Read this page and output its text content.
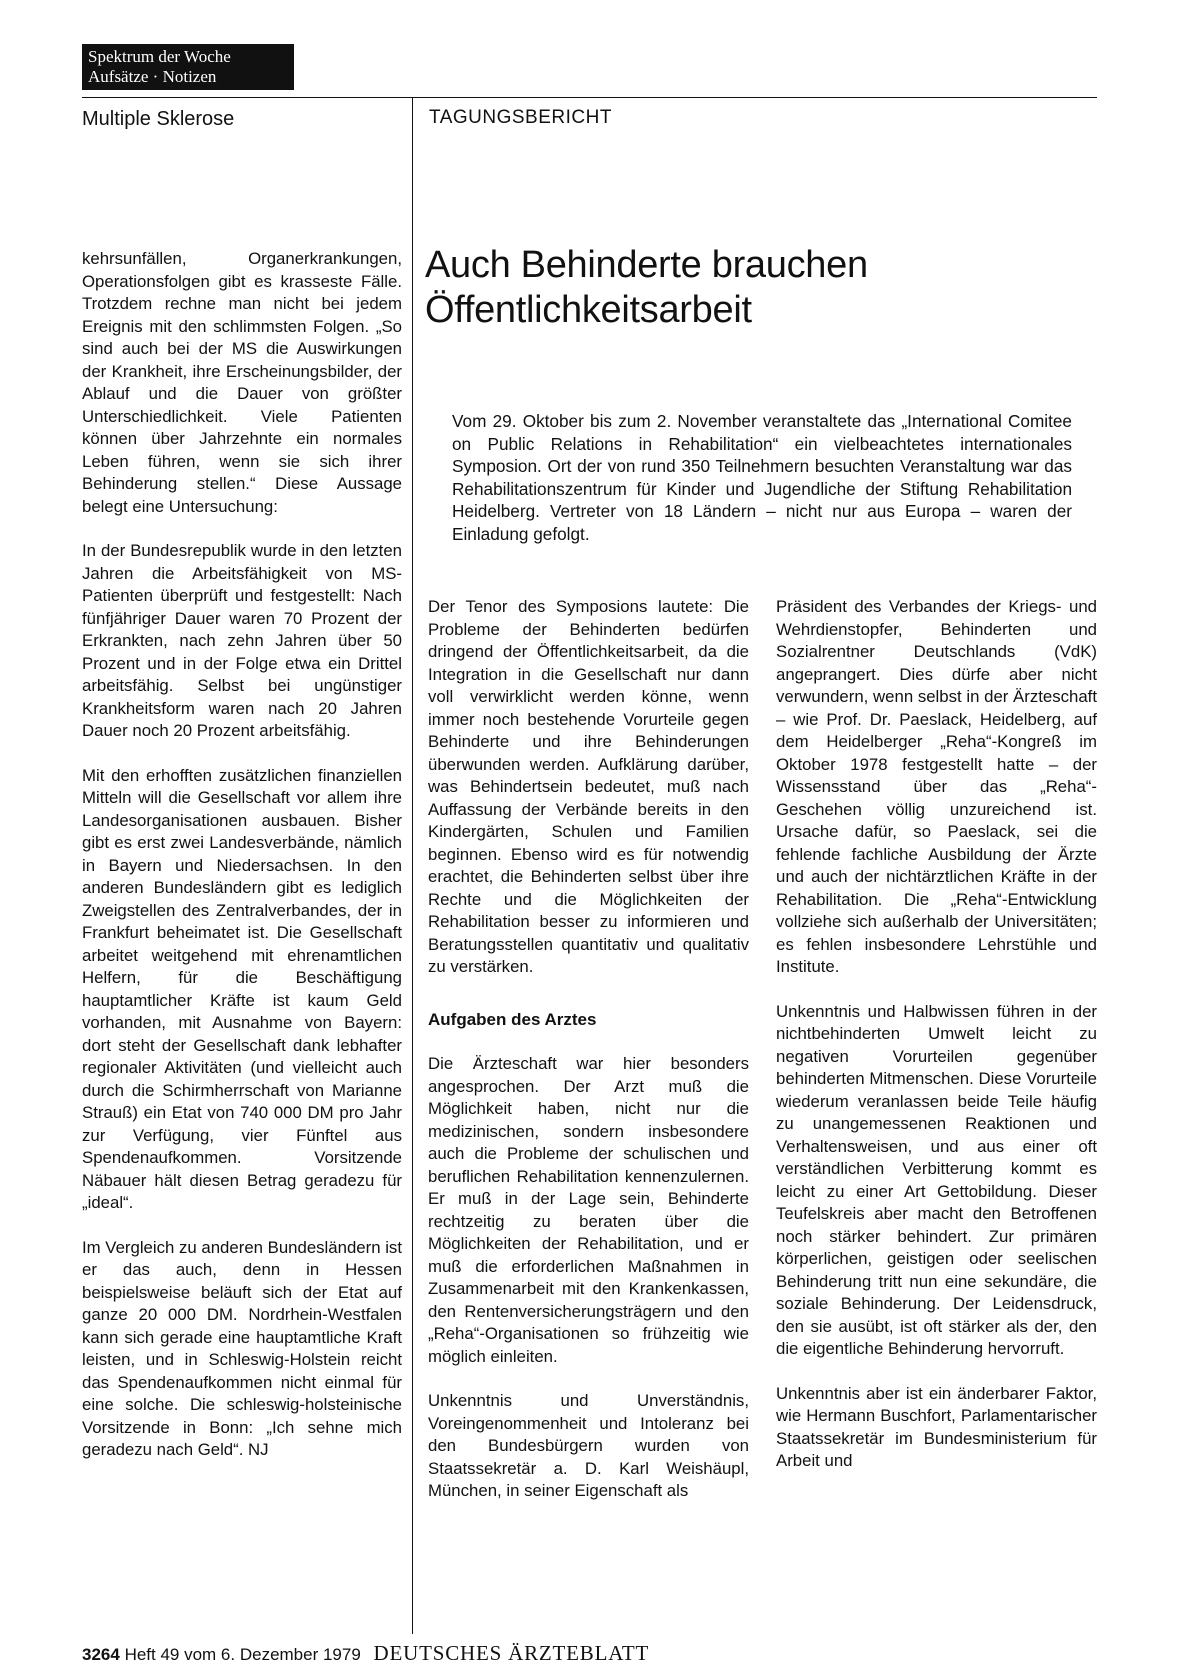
Spektrum der Woche
Aufsätze · Notizen
Multiple Sklerose	TAGUNGSBERICHT
Auch Behinderte brauchen Öffentlichkeitsarbeit

Vom 29. Oktober bis zum 2. November veranstaltete das „International Comitee on Public Relations in Rehabilitation“ ein vielbeachtetes internationales Symposion. Ort der von rund 350 Teilnehmern besuchten Veranstaltung war das Rehabilitationszentrum für Kinder und Jugendliche der Stiftung Rehabilitation Heidelberg. Vertreter von 18 Ländern – nicht nur aus Europa – waren der Einladung gefolgt.

kehrsunfällen, Organerkrankungen, Operationsfolgen gibt es krasseste Fälle. Trotzdem rechne man nicht bei jedem Ereignis mit den schlimmsten Folgen. „So sind auch bei der MS die Auswirkungen der Krankheit, ihre Erscheinungsbilder, der Ablauf und die Dauer von größter Unterschiedlichkeit. Viele Patienten können über Jahrzehnte ein normales Leben führen, wenn sie sich ihrer Behinderung stellen.“ Diese Aussage belegt eine Untersuchung:

In der Bundesrepublik wurde in den letzten Jahren die Arbeitsfähigkeit von MS-Patienten überprüft und festgestellt: Nach fünfjähriger Dauer waren 70 Prozent der Erkrankten, nach zehn Jahren über 50 Prozent und in der Folge etwa ein Drittel arbeitsfähig. Selbst bei ungünstiger Krankheitsform waren nach 20 Jahren Dauer noch 20 Prozent arbeitsfähig.

Mit den erhofften zusätzlichen finanziellen Mitteln will die Gesellschaft vor allem ihre Landesorganisationen ausbauen. Bisher gibt es erst zwei Landesverbände, nämlich in Bayern und Niedersachsen. In den anderen Bundesländern gibt es lediglich Zweigstellen des Zentralverbandes, der in Frankfurt beheimatet ist. Die Gesellschaft arbeitet weitgehend mit ehrenamtlichen Helfern, für die Beschäftigung hauptamtlicher Kräfte ist kaum Geld vorhanden, mit Ausnahme von Bayern: dort steht der Gesellschaft dank lebhafter regionaler Aktivitäten (und vielleicht auch durch die Schirmherrschaft von Marianne Strauß) ein Etat von 740 000 DM pro Jahr zur Verfügung, vier Fünftel aus Spendenaufkommen. Vorsitzende Näbauer hält diesen Betrag geradezu für „ideal“.

Im Vergleich zu anderen Bundesländern ist er das auch, denn in Hessen beispielsweise beläuft sich der Etat auf ganze 20 000 DM. Nordrhein-Westfalen kann sich gerade eine hauptamtliche Kraft leisten, und in Schleswig-Holstein reicht das Spendenaufkommen nicht einmal für eine solche. Die schleswig-holsteinische Vorsitzende in Bonn: „Ich sehne mich geradezu nach Geld“. NJ

Der Tenor des Symposions lautete: Die Probleme der Behinderten bedürfen dringend der Öffentlichkeitsarbeit, da die Integration in die Gesellschaft nur dann voll verwirklicht werden könne, wenn immer noch bestehende Vorurteile gegen Behinderte und ihre Behinderungen überwunden werden. Aufklärung darüber, was Behindertsein bedeutet, muß nach Auffassung der Verbände bereits in den Kindergärten, Schulen und Familien beginnen. Ebenso wird es für notwendig erachtet, die Behinderten selbst über ihre Rechte und die Möglichkeiten der Rehabilitation besser zu informieren und Beratungsstellen quantitativ und qualitativ zu verstärken.

Aufgaben des Arztes

Die Ärzteschaft war hier besonders angesprochen. Der Arzt muß die Möglichkeit haben, nicht nur die medizinischen, sondern insbesondere auch die Probleme der schulischen und beruflichen Rehabilitation kennenzulernen. Er muß in der Lage sein, Behinderte rechtzeitig zu beraten über die Möglichkeiten der Rehabilitation, und er muß die erforderlichen Maßnahmen in Zusammenarbeit mit den Krankenkassen, den Rentenversicherungsträgern und den „Reha“-Organisationen so frühzeitig wie möglich einleiten.

Unkenntnis und Unverständnis, Voreingenommenheit und Intoleranz bei den Bundesbürgern wurden von Staatssekretär a. D. Karl Weishäupl, München, in seiner Eigenschaft als

Präsident des Verbandes der Kriegs- und Wehrdienstopfer, Behinderten und Sozialrentner Deutschlands (VdK) angeprangert. Dies dürfe aber nicht verwundern, wenn selbst in der Ärzteschaft – wie Prof. Dr. Paeslack, Heidelberg, auf dem Heidelberger „Reha“-Kongreß im Oktober 1978 festgestellt hatte – der Wissensstand über das „Reha“-Geschehen völlig unzureichend ist. Ursache dafür, so Paeslack, sei die fehlende fachliche Ausbildung der Ärzte und auch der nichtärztlichen Kräfte in der Rehabilitation. Die „Reha“-Entwicklung vollziehe sich außerhalb der Universitäten; es fehlen insbesondere Lehrstühle und Institute.

Unkenntnis und Halbwissen führen in der nichtbehinderten Umwelt leicht zu negativen Vorurteilen gegenüber behinderten Mitmenschen. Diese Vorurteile wiederum veranlassen beide Teile häufig zu unangemessenen Reaktionen und Verhaltensweisen, und aus einer oft verständlichen Verbitterung kommt es leicht zu einer Art Gettobildung. Dieser Teufelskreis aber macht den Betroffenen noch stärker behindert. Zur primären körperlichen, geistigen oder seelischen Behinderung tritt nun eine sekundäre, die soziale Behinderung. Der Leidensdruck, den sie ausübt, ist oft stärker als der, den die eigentliche Behinderung hervorruft.

Unkenntnis aber ist ein änderbarer Faktor, wie Hermann Buschfort, Parlamentarischer Staatssekretär im Bundesministerium für Arbeit und

3264 Heft 49 vom 6. Dezember 1979 DEUTSCHES ÄRZTEBLATT
